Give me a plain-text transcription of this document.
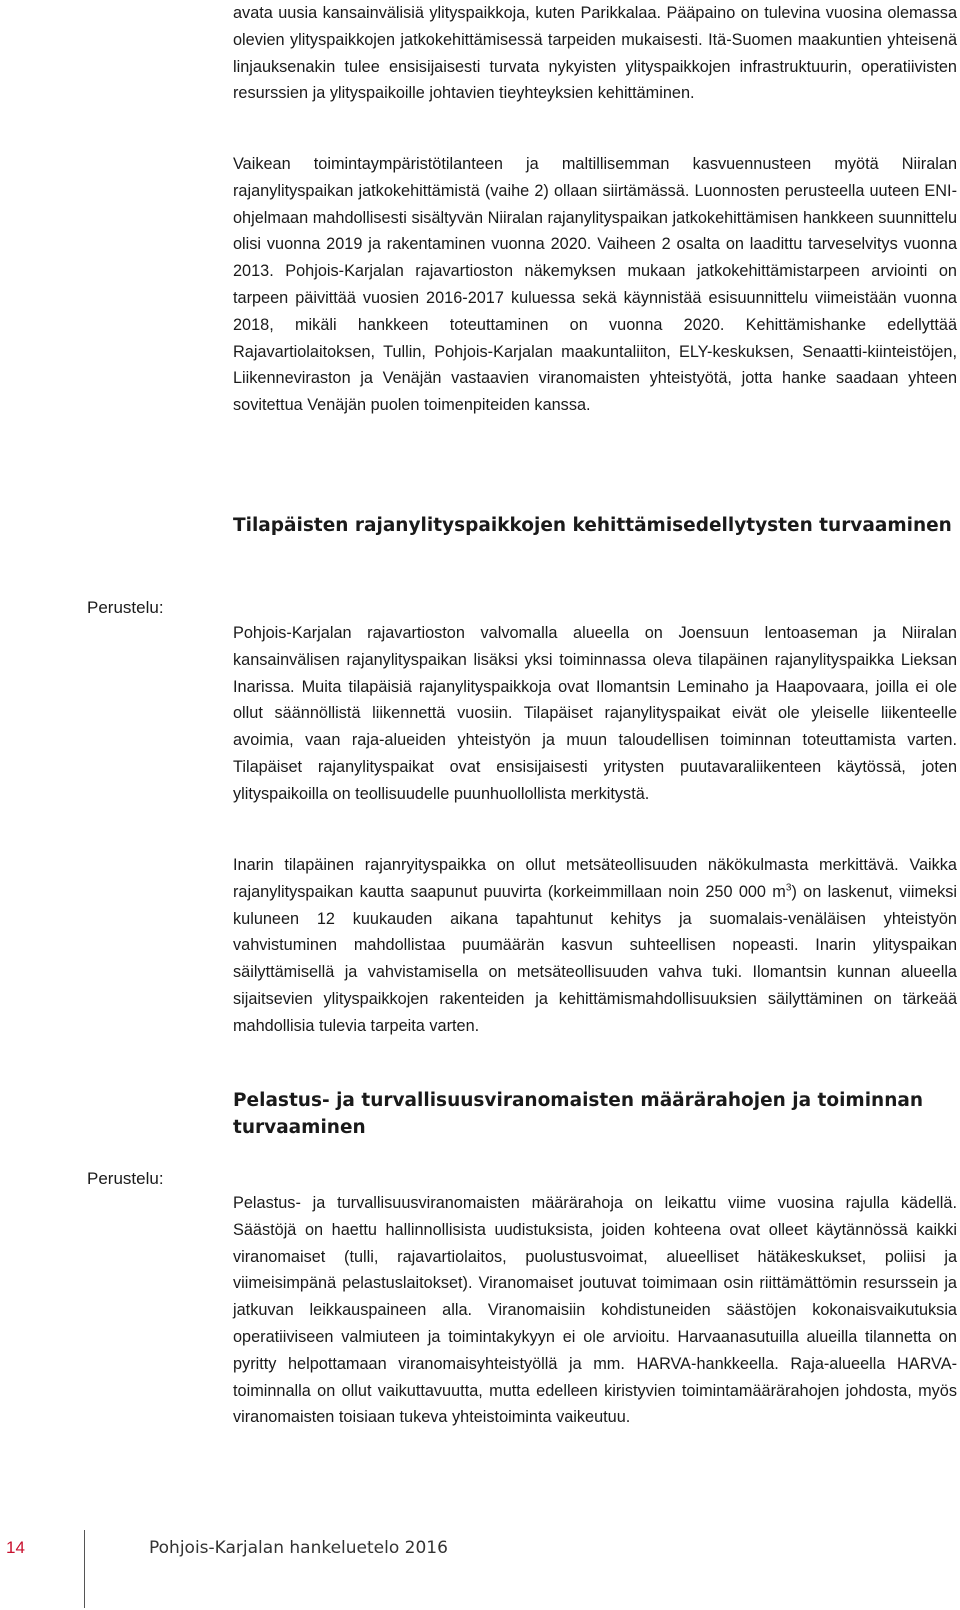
avata uusia kansainvälisiä ylityspaikkoja, kuten Parikkalaa. Pääpaino on tulevina vuosina olemassa olevien ylityspaikkojen jatkokehittämisessä tarpeiden mukaisesti. Itä-Suomen maakuntien yhteisenä linjauksenakin tulee ensisijaisesti turvata nykyisten ylityspaikkojen infrastruktuurin, operatiivisten resurssien ja ylityspaikoille johtavien tieyhteyksien kehittäminen.

Vaikean toimintaympäristötilanteen ja maltillisemman kasvuennusteen myötä Niiralan rajanylityspaikan jatkokehittämistä (vaihe 2) ollaan siirtämässä. Luonnosten perusteella uuteen ENI-ohjelmaan mahdollisesti sisältyvän Niiralan rajanylityspaikan jatkokehittämisen hankkeen suunnittelu olisi vuonna 2019 ja rakentaminen vuonna 2020. Vaiheen 2 osalta on laadittu tarveselvitys vuonna 2013. Pohjois-Karjalan rajavartioston näkemyksen mukaan jatkokehittämistarpeen arviointi on tarpeen päivittää vuosien 2016-2017 kuluessa sekä käynnistää esisuunnittelu viimeistään vuonna 2018, mikäli hankkeen toteuttaminen on vuonna 2020. Kehittämishanke edellyttää Rajavartiolaitoksen, Tullin, Pohjois-Karjalan maakuntaliiton, ELY-keskuksen, Senaatti-kiinteistöjen, Liikenneviraston ja Venäjän vastaavien viranomaisten yhteistyötä, jotta hanke saadaan yhteen sovitettua Venäjän puolen toimenpiteiden kanssa.

Tilapäisten rajanylityspaikkojen kehittämisedellytysten turvaaminen
Perustelu:

Pohjois-Karjalan rajavartioston valvomalla alueella on Joensuun lentoaseman ja Niiralan kansainvälisen rajanylityspaikan lisäksi yksi toiminnassa oleva tilapäinen rajanylityspaikka Lieksan Inarissa. Muita tilapäisiä rajanylityspaikkoja ovat Ilomantsin Leminaho ja Haapovaara, joilla ei ole ollut säännöllistä liikennettä vuosiin. Tilapäiset rajanylityspaikat eivät ole yleiselle liikenteelle avoimia, vaan raja-alueiden yhteistyön ja muun taloudellisen toiminnan toteuttamista varten. Tilapäiset rajanylityspaikat ovat ensisijaisesti yritysten puutavaraliikenteen käytössä, joten ylityspaikoilla on teollisuudelle puunhuollollista merkitystä.

Inarin tilapäinen rajanryityspaikka on ollut metsäteollisuuden näkökulmasta merkittävä. Vaikka rajanylityspaikan kautta saapunut puuvirta (korkeimmillaan noin 250 000 $m^3$) on laskenut, viimeksi kuluneen 12 kuukauden aikana tapahtunut kehitys ja suomalais-venäläisen yhteistyön vahvistuminen mahdollistaa puumäärän kasvun suhteellisen nopeasti. Inarin ylityspaikan säilyttämisellä ja vahvistamisella on metsäteollisuuden vahva tuki. Ilomantsin kunnan alueella sijaitsevien ylityspaikkojen rakenteiden ja kehittämismahdollisuuksien säilyttäminen on tärkeää mahdollisia tulevia tarpeita varten.

Pelastus- ja turvallisuusviranomaisten määrärahojen ja toiminnan turvaaminen
Perustelu:

Pelastus- ja turvallisuusviranomaisten määrärahoja on leikattu viime vuosina rajulla kädellä. Säästöjä on haettu hallinnollisista uudistuksista, joiden kohteena ovat olleet käytännössä kaikki viranomaiset (tulli, rajavartiolaitos, puolustusvoimat, alueelliset hätäkeskukset, poliisi ja viimeisimpänä pelastuslaitokset). Viranomaiset joutuvat toimimaan osin riittämättömin resurssein ja jatkuvan leikkauspaineen alla. Viranomaisiin kohdistuneiden säästöjen kokonaisvaikutuksia operatiiviseen valmiuteen ja toimintakykyyn ei ole arvioitu. Harvaanasutuilla alueilla tilannetta on pyritty helpottamaan viranomaisyhteistyöllä ja mm. HARVA-hankkeella. Raja-alueella HARVA-toiminnalla on ollut vaikuttavuutta, mutta edelleen kiristyvien toimintamäärärahojen johdosta, myös viranomaisten toisiaan tukeva yhteistoiminta vaikeutuu.

14	Pohjois-Karjalan hankeluetelo 2016
